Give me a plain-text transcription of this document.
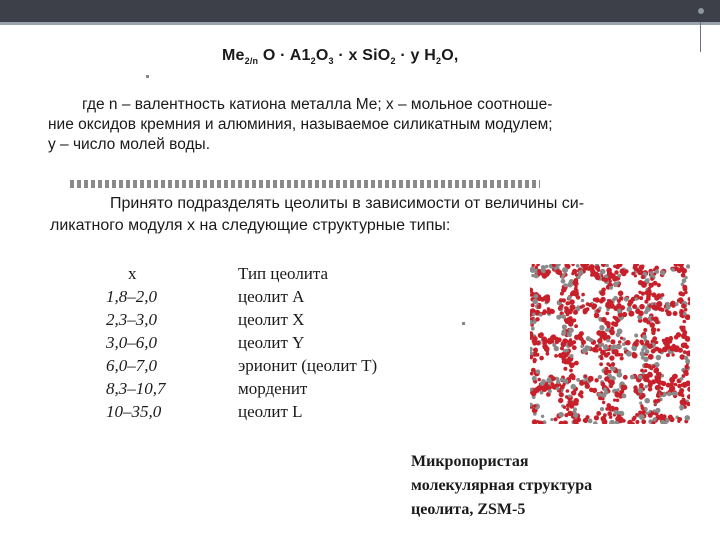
$Me_{2/n}$ $O \cdot A1_2O_3 \cdot x$ SiO$_2$ · y $H_2O$,
где n – валентность катиона металла Me; x – мольное соотноше-
ние оксидов кремния и алюминия, называемое силикатным модулем;
y – число молей воды.
Принято подразделять цеолиты в зависимости от величины си-
ликатного модуля x на следующие структурные типы:
x	Тип цеолита
1,8–2,0	цеолит A
2,3–3,0	цеолит X
3,0–6,0	цеолит Y
6,0–7,0	эрионит (цеолит T)
8,3–10,7	морденит
10–35,0	цеолит L
Микропористая
молекулярная структура
цеолита, ZSM-5
